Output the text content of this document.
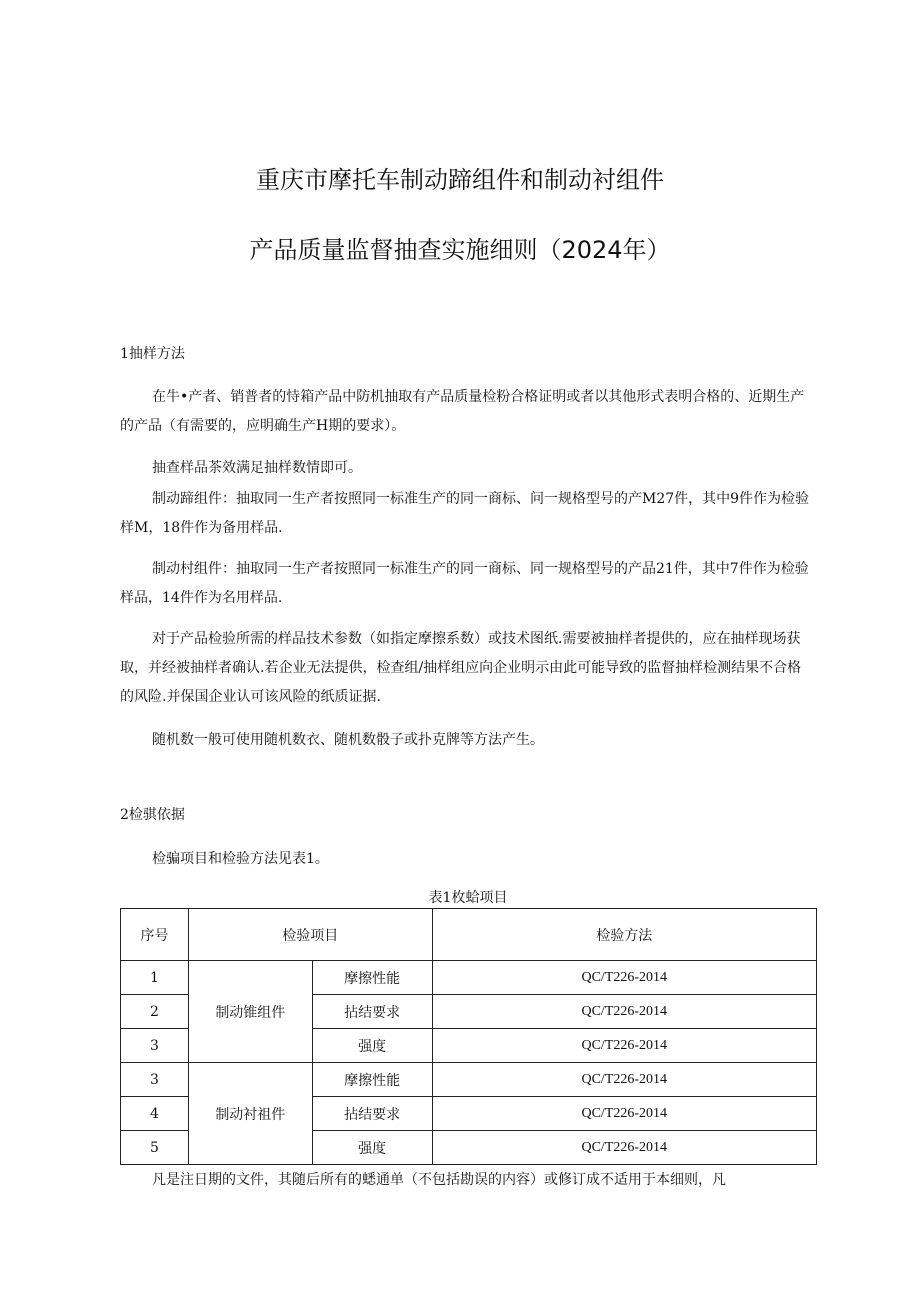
重庆市摩托车制动蹄组件和制动衬组件
产品质量监督抽查实施细则（2024年）
1抽样方法
在牛•产者、销普者的恃箱产品中防机抽取有产品质量检粉合格证明或者以其他形式表明合格的、近期生产的产品（有需要的，应明确生产H期的要求）。
抽查样品茶效满足抽样数情即可。
制动蹄组件：抽取同一生产者按照同一标准生产的同一商标、问一规格型号的产M27件，其中9件作为检验样M，18件作为备用样品.
制动村组件：抽取同一生产者按照同一标准生产的同一商标、同一规格型号的产品21件，其中7件作为检验样品，14件作为名用样品.
对于产品检验所需的样品技术参数（如指定摩擦系数）或技术图纸.需要被抽样者提供的，应在抽样现场获取，并经被抽样者确认.若企业无法提供，检查组/抽样组应向企业明示由此可能导致的监督抽样检测结果不合格的风险.并保国企业认可该风险的纸质证据.
随机数一般可使用随机数衣、随机数骰子或扑克牌等方法产生。
2检骐依据
检骗项目和检验方法见表1。
表1枚蛤项目
序号	检验项目		检验方法
1	制动锥组件	摩擦性能	QC/T226-2014
2		拈结要求	QC/T226-2014
3		强度	QC/T226-2014
3	制动衬祖件	摩擦性能	QC/T226-2014
4		拈结要求	QC/T226-2014
5		强度	QC/T226-2014
凡是注日期的文件，其随后所有的蟋通单（不包括勘误的内容）或修订成不适用于本细则，凡
